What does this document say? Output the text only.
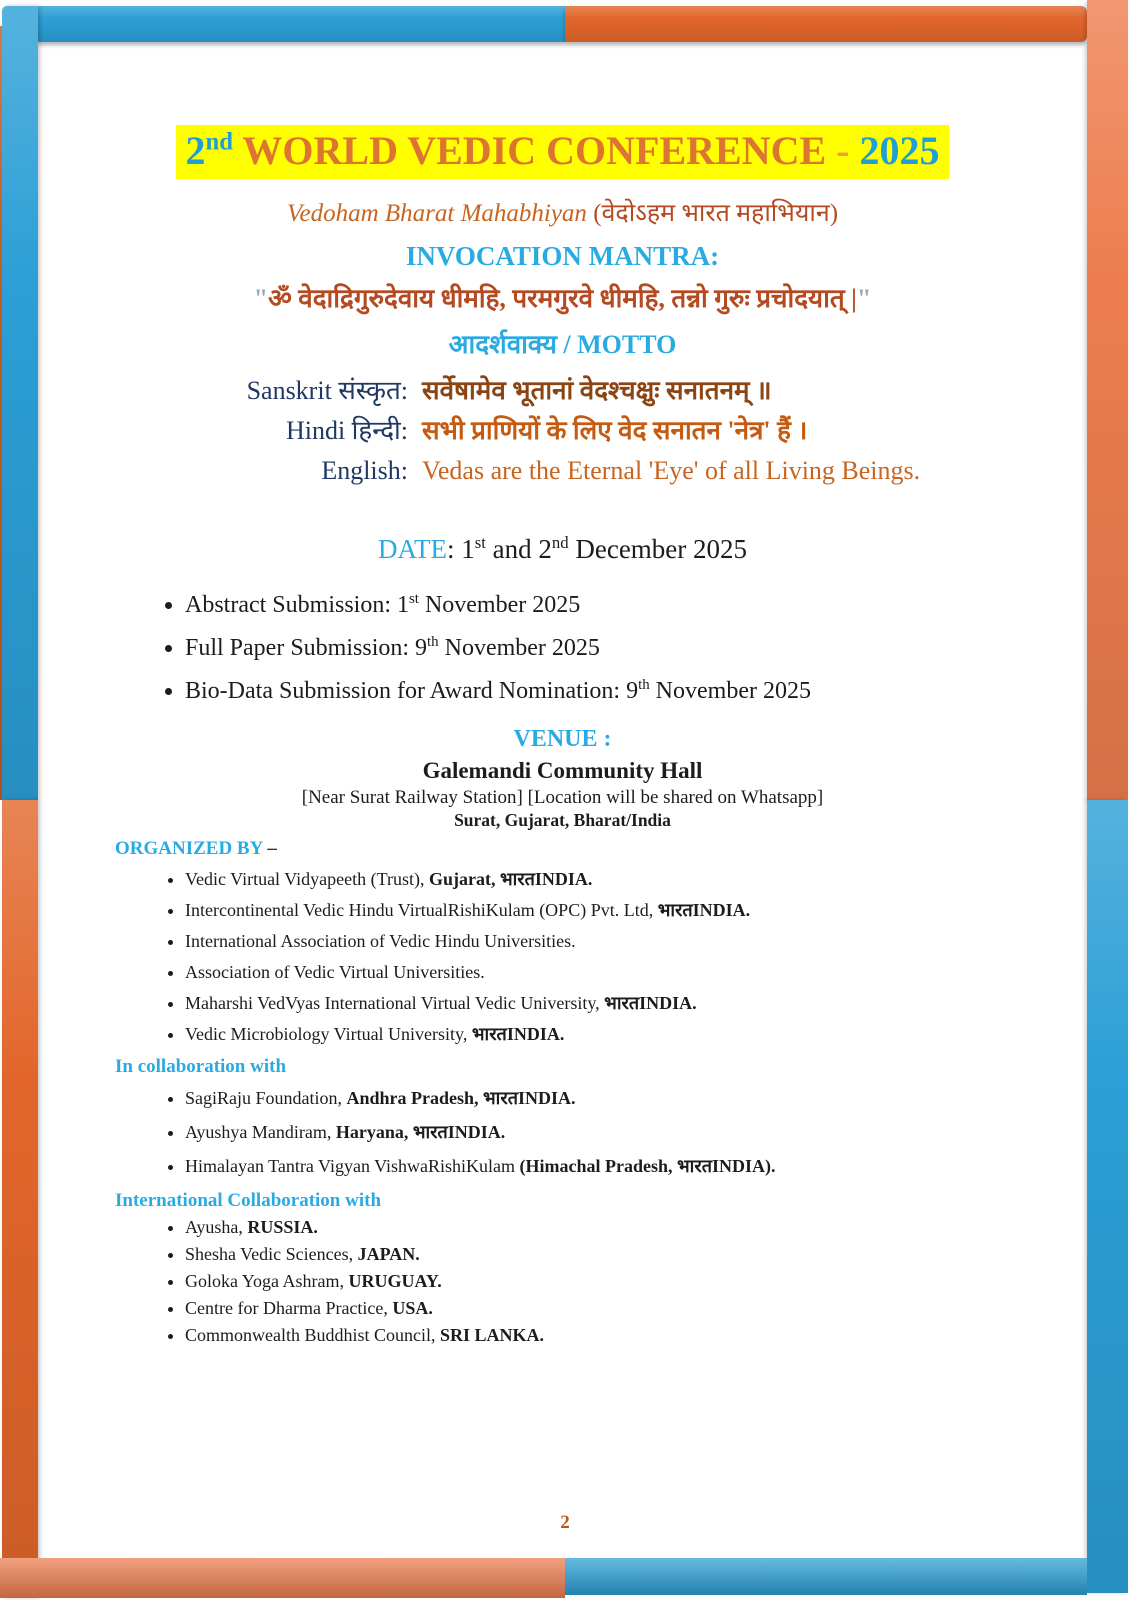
2nd WORLD VEDIC CONFERENCE - 2025
Vedoham Bharat Mahabhiyan (वेदोऽहम भारत महाभियान)
INVOCATION MANTRA:
"ॐ वेदाद्रिगुरुदेवाय धीमहि, परमगुरवे धीमहि, तन्नो गुरुः प्रचोदयात् |"
आदर्शवाक्य / MOTTO
Sanskrit संस्कृत: सर्वेषामेव भूतानां वेदश्चक्षुः सनातनम् ॥
Hindi हिन्दी: सभी प्राणियों के लिए वेद सनातन 'नेत्र' हैं ।
English: Vedas are the Eternal 'Eye' of all Living Beings.
DATE: 1st and 2nd December 2025
• Abstract Submission: 1st November 2025
• Full Paper Submission: 9th November 2025
• Bio-Data Submission for Award Nomination: 9th November 2025
VENUE :
Galemandi Community Hall
[Near Surat Railway Station] [Location will be shared on Whatsapp]
Surat, Gujarat, Bharat/India
ORGANIZED BY –
• Vedic Virtual Vidyapeeth (Trust), Gujarat, भारतINDIA.
• Intercontinental Vedic Hindu VirtualRishiKulam (OPC) Pvt. Ltd, भारतINDIA.
• International Association of Vedic Hindu Universities.
• Association of Vedic Virtual Universities.
• Maharshi VedVyas International Virtual Vedic University, भारतINDIA.
• Vedic Microbiology Virtual University, भारतINDIA.
In collaboration with
• SagiRaju Foundation, Andhra Pradesh, भारतINDIA.
• Ayushya Mandiram, Haryana, भारतINDIA.
• Himalayan Tantra Vigyan VishwaRishiKulam (Himachal Pradesh, भारतINDIA).
International Collaboration with
• Ayusha, RUSSIA.
• Shesha Vedic Sciences, JAPAN.
• Goloka Yoga Ashram, URUGUAY.
• Centre for Dharma Practice, USA.
• Commonwealth Buddhist Council, SRI LANKA.
2
